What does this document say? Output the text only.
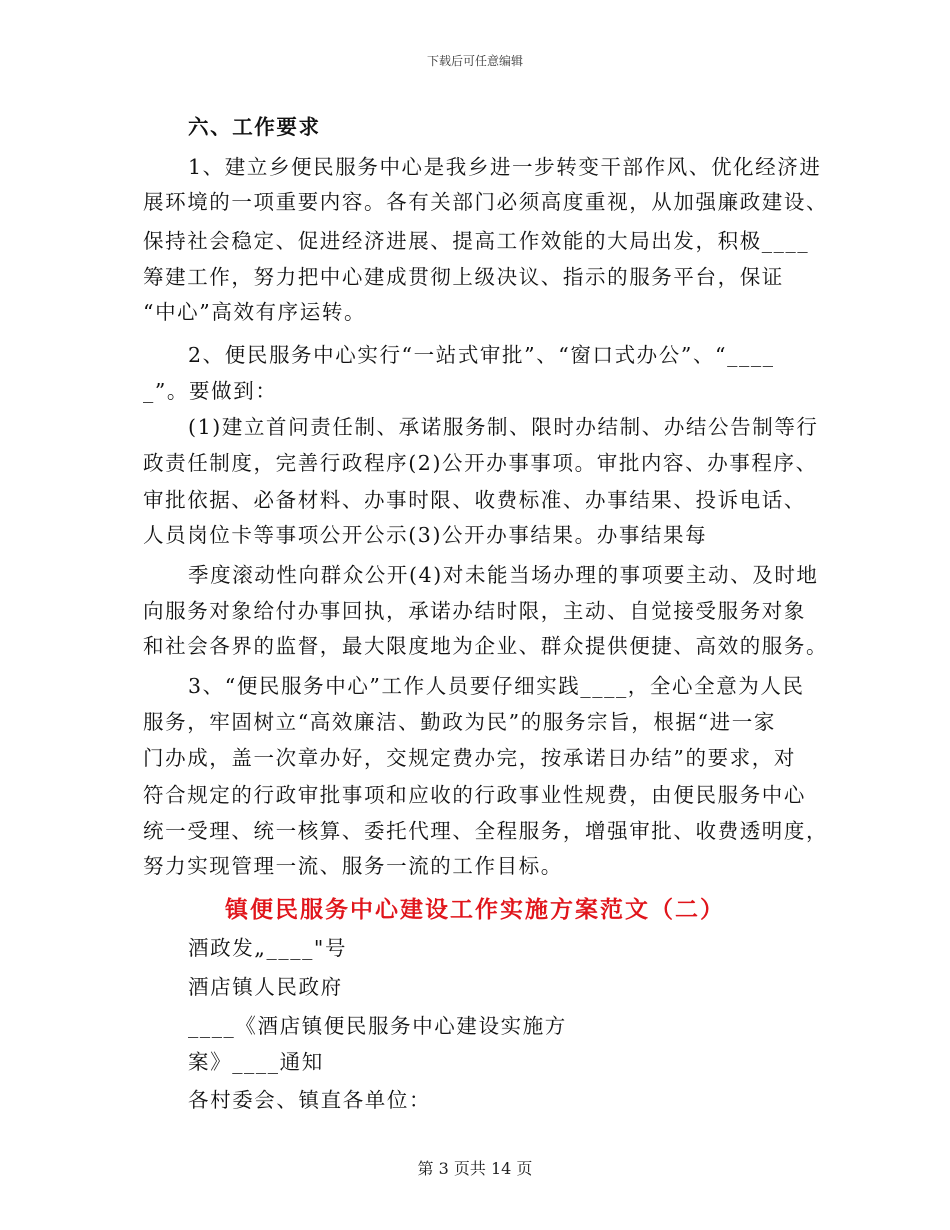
下载后可任意编辑
六、工作要求
1、建立乡便民服务中心是我乡进一步转变干部作风、优化经济进
展环境的一项重要内容。各有关部门必须高度重视，从加强廉政建设、
保持社会稳定、促进经济进展、提高工作效能的大局出发，积极____
筹建工作，努力把中心建成贯彻上级决议、指示的服务平台，保证
“中心”高效有序运转。
2、便民服务中心实行“一站式审批”、“窗口式办公”、“____
_”。要做到：
(1)建立首问责任制、承诺服务制、限时办结制、办结公告制等行
政责任制度，完善行政程序(2)公开办事事项。审批内容、办事程序、
审批依据、必备材料、办事时限、收费标准、办事结果、投诉电话、
人员岗位卡等事项公开公示(3)公开办事结果。办事结果每
季度滚动性向群众公开(4)对未能当场办理的事项要主动、及时地
向服务对象给付办事回执，承诺办结时限，主动、自觉接受服务对象
和社会各界的监督，最大限度地为企业、群众提供便捷、高效的服务。
3、“便民服务中心”工作人员要仔细实践____，全心全意为人民
服务，牢固树立“高效廉洁、勤政为民”的服务宗旨，根据“进一家
门办成，盖一次章办好，交规定费办完，按承诺日办结”的要求，对
符合规定的行政审批事项和应收的行政事业性规费，由便民服务中心
统一受理、统一核算、委托代理、全程服务，增强审批、收费透明度，
努力实现管理一流、服务一流的工作目标。
镇便民服务中心建设工作实施方案范文（二）
酒政发„____"号
酒店镇人民政府
____《酒店镇便民服务中心建设实施方
案》____通知
各村委会、镇直各单位：
第 3 页共 14 页
